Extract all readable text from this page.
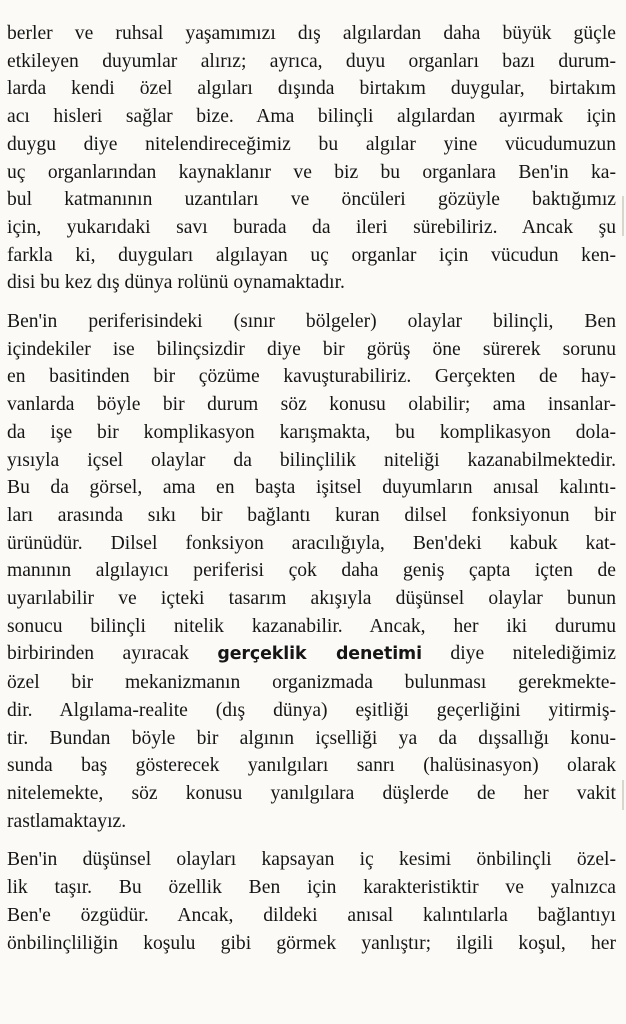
berler ve ruhsal yaşamımızı dış algılardan daha büyük güçle
etkileyen duyumlar alırız; ayrıca, duyu organları bazı durum-
larda kendi özel algıları dışında birtakım duygular, birtakım
acı hisleri sağlar bize. Ama bilinçli algılardan ayırmak için
duygu diye nitelendireceğimiz bu algılar yine vücudumuzun
uç organlarından kaynaklanır ve biz bu organlara Ben'in ka-
bul katmanının uzantıları ve öncüleri gözüyle baktığımız
için, yukarıdaki savı burada da ileri sürebiliriz. Ancak şu
farkla ki, duyguları algılayan uç organlar için vücudun ken-
disi bu kez dış dünya rolünü oynamaktadır.
Ben'in periferisindeki (sınır bölgeler) olaylar bilinçli, Ben
içindekiler ise bilinçsizdir diye bir görüş öne sürerek sorunu
en basitinden bir çözüme kavuşturabiliriz. Gerçekten de hay-
vanlarda böyle bir durum söz konusu olabilir; ama insanlar-
da işe bir komplikasyon karışmakta, bu komplikasyon dola-
yısıyla içsel olaylar da bilinçlilik niteliği kazanabilmektedir.
Bu da görsel, ama en başta işitsel duyumların anısal kalıntı-
ları arasında sıkı bir bağlantı kuran dilsel fonksiyonun bir
ürünüdür. Dilsel fonksiyon aracılığıyla, Ben'deki kabuk kat-
manının algılayıcı periferisi çok daha geniş çapta içten de
uyarılabilir ve içteki tasarım akışıyla düşünsel olaylar bunun
sonucu bilinçli nitelik kazanabilir. Ancak, her iki durumu
birbirinden ayıracak gerçeklik denetimi diye nitelediğimiz
özel bir mekanizmanın organizmada bulunması gerekmekte-
dir. Algılama-realite (dış dünya) eşitliği geçerliğini yitirmiş-
tir. Bundan böyle bir algının içselliği ya da dışsallığı konu-
sunda baş gösterecek yanılgıları sanrı (halüsinasyon) olarak
nitelemekte, söz konusu yanılgılara düşlerde de her vakit
rastlamaktayız.
Ben'in düşünsel olayları kapsayan iç kesimi önbilinçli özel-
lik taşır. Bu özellik Ben için karakteristiktir ve yalnızca
Ben'e özgüdür. Ancak, dildeki anısal kalıntılarla bağlantıyı
önbilinçliliğin koşulu gibi görmek yanlıştır; ilgili koşul, her
